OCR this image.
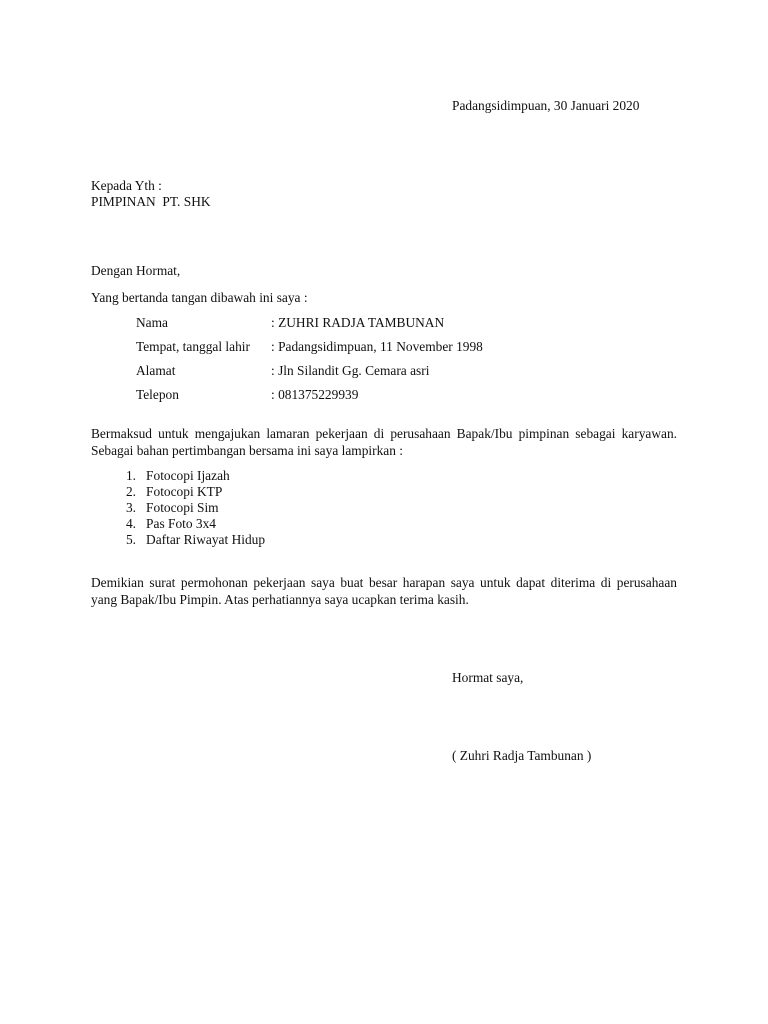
Padangsidimpuan, 30 Januari 2020
Kepada Yth :
PIMPINAN  PT. SHK
Dengan Hormat,
Yang bertanda tangan dibawah ini saya :
Nama	: ZUHRI RADJA TAMBUNAN
Tempat, tanggal lahir : Padangsidimpuan, 11 November 1998
Alamat	: Jln Silandit Gg. Cemara asri
Telepon	: 081375229939
Bermaksud untuk mengajukan lamaran pekerjaan di perusahaan Bapak/Ibu pimpinan sebagai karyawan. Sebagai bahan pertimbangan bersama ini saya lampirkan :
1. Fotocopi Ijazah
2. Fotocopi KTP
3. Fotocopi Sim
4. Pas Foto 3x4
5. Daftar Riwayat Hidup
Demikian surat permohonan pekerjaan saya buat besar harapan saya untuk dapat diterima di perusahaan yang Bapak/Ibu Pimpin. Atas perhatiannya saya ucapkan terima kasih.
Hormat saya,
( Zuhri Radja Tambunan )
